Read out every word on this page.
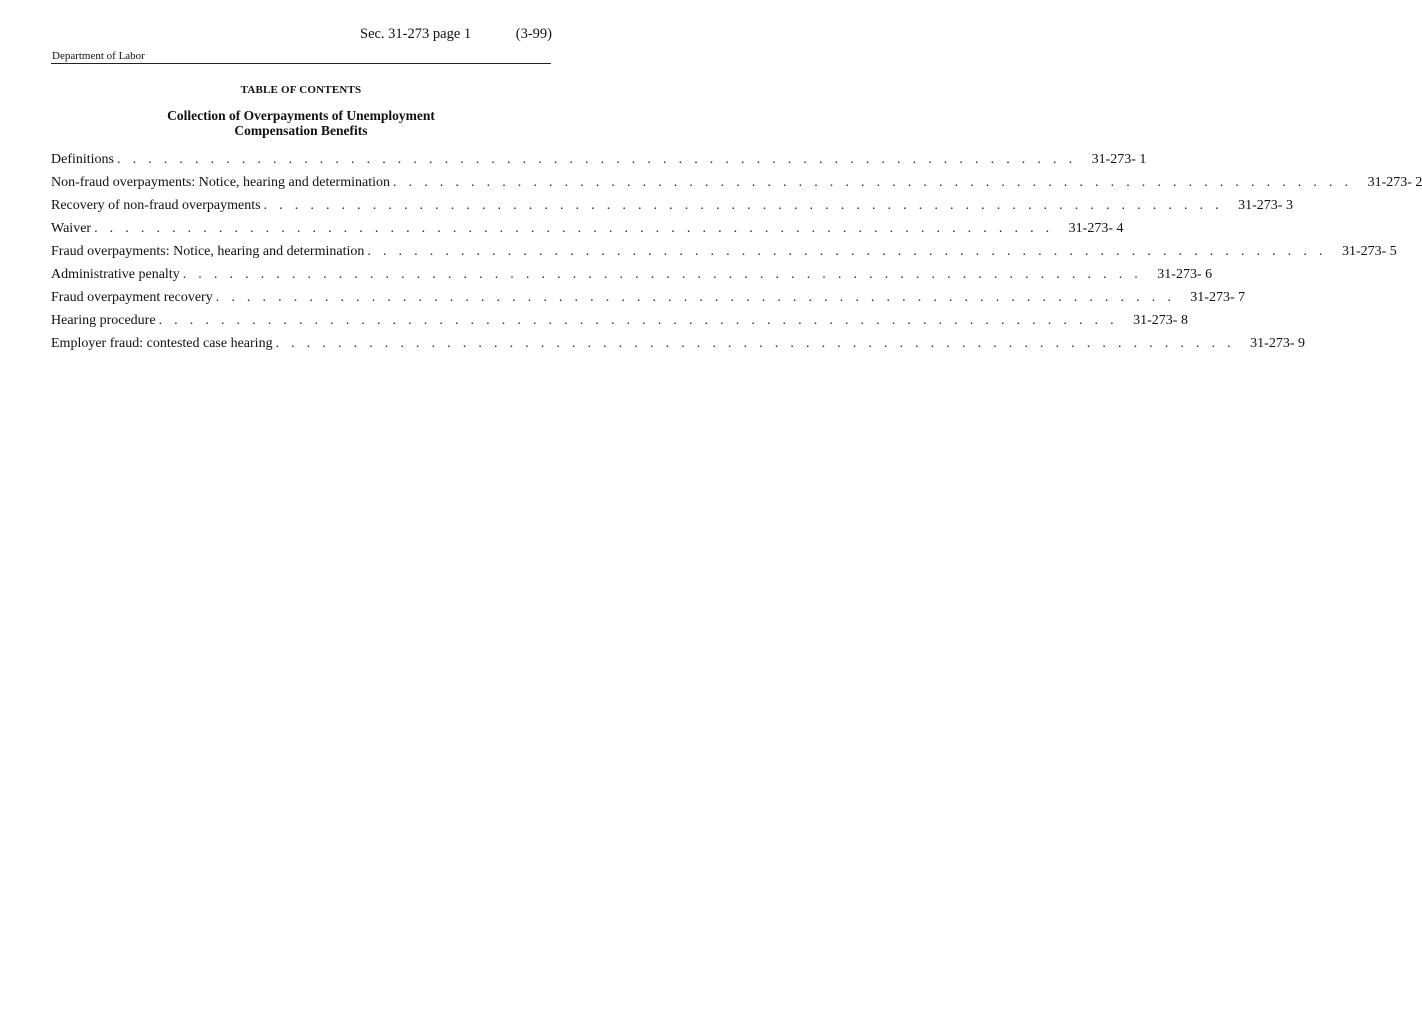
Sec. 31-273 page 1	(3-99)
Department of Labor
TABLE OF CONTENTS
Collection of Overpayments of Unemployment
Compensation Benefits
Definitions . . . . . . . . . . . . . . . . . . . . . . . . . . . . . . . . . . . . . . . . . . . . . . . . . . . . . . . . . . . . . .	31-273- 1
Non-fraud overpayments: Notice, hearing and determination . . . . . . . . . . . . . . . . . . . . . . . . . . . . . . . . . . . . . . . . . . . . . . . . . . . . . . . . . . . . . .	31-273- 2
Recovery of non-fraud overpayments . . . . . . . . . . . . . . . . . . . . . . . . . . . . . . . . . . . . . . . . . . . . . . . . . . . . . . . . . . . . . .	31-273- 3
Waiver . . . . . . . . . . . . . . . . . . . . . . . . . . . . . . . . . . . . . . . . . . . . . . . . . . . . . . . . . . . . . .	31-273- 4
Fraud overpayments: Notice, hearing and determination . . . . . . . . . . . . . . . . . . . . . . . . . . . . . . . . . . . . . . . . . . . . . . . . . . . . . . . . . . . . . .	31-273- 5
Administrative penalty . . . . . . . . . . . . . . . . . . . . . . . . . . . . . . . . . . . . . . . . . . . . . . . . . . . . . . . . . . . . . .	31-273- 6
Fraud overpayment recovery . . . . . . . . . . . . . . . . . . . . . . . . . . . . . . . . . . . . . . . . . . . . . . . . . . . . . . . . . . . . . .	31-273- 7
Hearing procedure . . . . . . . . . . . . . . . . . . . . . . . . . . . . . . . . . . . . . . . . . . . . . . . . . . . . . . . . . . . . . .	31-273- 8
Employer fraud: contested case hearing . . . . . . . . . . . . . . . . . . . . . . . . . . . . . . . . . . . . . . . . . . . . . . . . . . . . . . . . . . . . . .	31-273- 9
